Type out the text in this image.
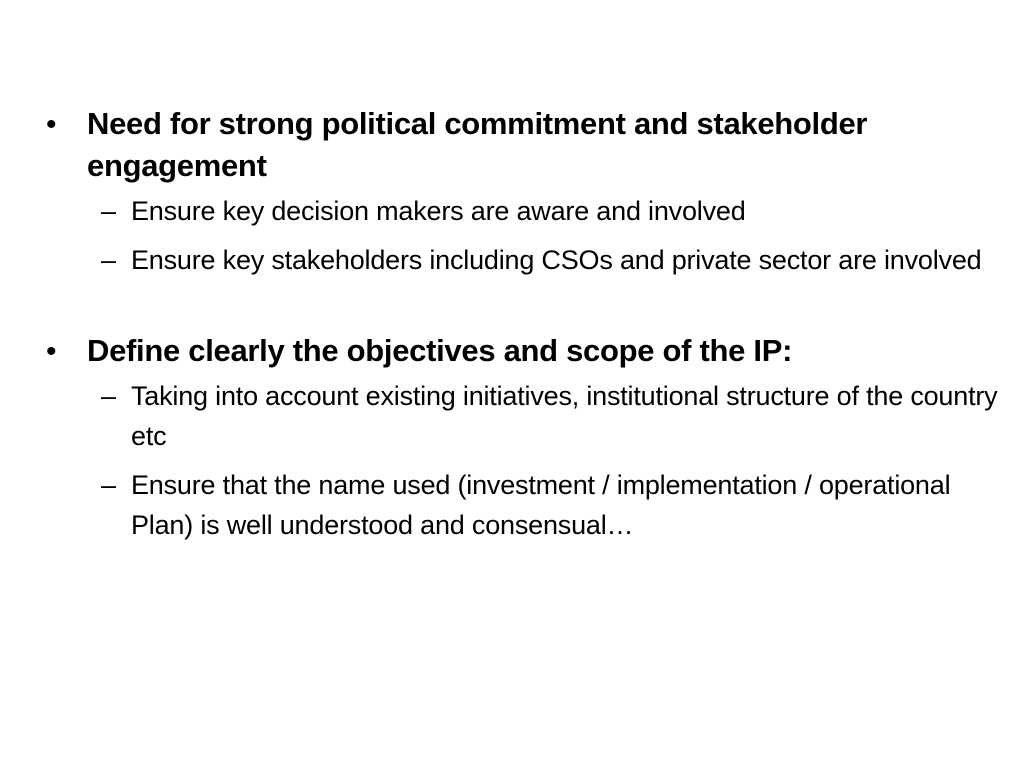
• Need for strong political commitment and stakeholder engagement
– Ensure key decision makers are aware and involved
– Ensure key stakeholders including CSOs and private sector are involved
• Define clearly the objectives and scope of the IP:
– Taking into account existing initiatives, institutional structure of the country etc
– Ensure that the name used (investment / implementation / operational Plan) is well understood and consensual…
